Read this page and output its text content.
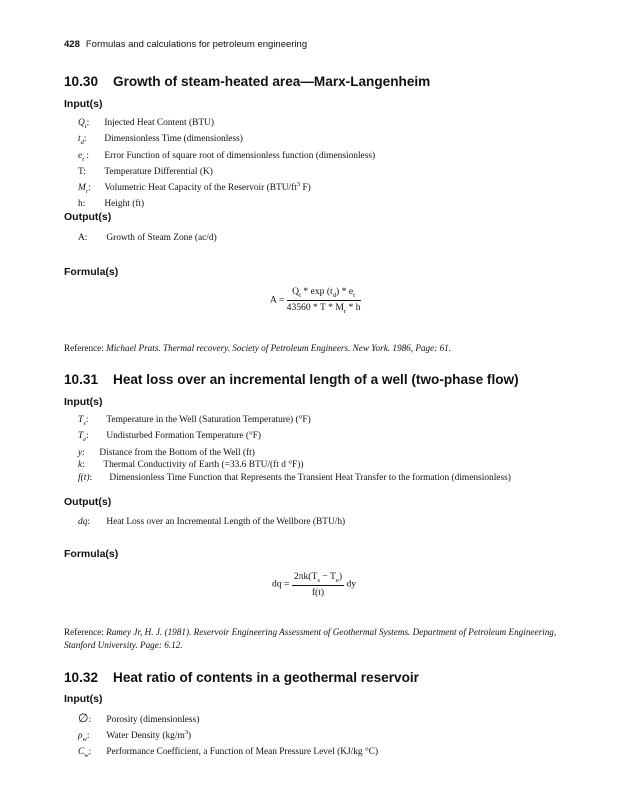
428 Formulas and calculations for petroleum engineering
10.30 Growth of steam-heated area—Marx-Langenheim
Input(s)
$Q_t$: Injected Heat Content (BTU)
$t_d$: Dimensionless Time (dimensionless)
$e_t$ : Error Function of square root of dimensionless function (dimensionless)
T: Temperature Differential (K)
$M_r$: Volumetric Heat Capacity of the Reservoir ($BTU/ft^3$ F)
h: Height (ft)
Output(s)
A: Growth of Steam Zone (ac/d)
Formula(s)
$A = \frac{Q_t * \exp (t_d) * e_t}{43560 * T * M_r * h}$
Reference: Michael Prats. Thermal recovery. Society of Petroleum Engineers. New York. 1986, Page: 61.
10.31 Heat loss over an incremental length of a well (two-phase flow)
Input(s)
$T_s$: Temperature in the Well (Saturation Temperature) (°F)
$T_e$: Undisturbed Formation Temperature (°F)
y: Distance from the Bottom of the Well (ft)
k: Thermal Conductivity of Earth (=33.6 BTU/(ft d °F))
f(t): Dimensionless Time Function that Represents the Transient Heat Transfer to the formation (dimensionless)
Output(s)
dq: Heat Loss over an Incremental Length of the Wellbore (BTU/h)
Formula(s)
dq = $\frac{2\pi k(T_s - T_e)}{f(t)}$ dy
Reference: Ramey Jr, H. J. (1981). Reservoir Engineering Assessment of Geothermal Systems. Department of Petroleum Engineering, Stanford University. Page: 6.12.
10.32 Heat ratio of contents in a geothermal reservoir
Input(s)
∅: Porosity (dimensionless)
$\rho_w$: Water Density $(kg/m^3)$
$C_w$: Performance Coefficient, a Function of Mean Pressure Level (KJ/kg °C)
